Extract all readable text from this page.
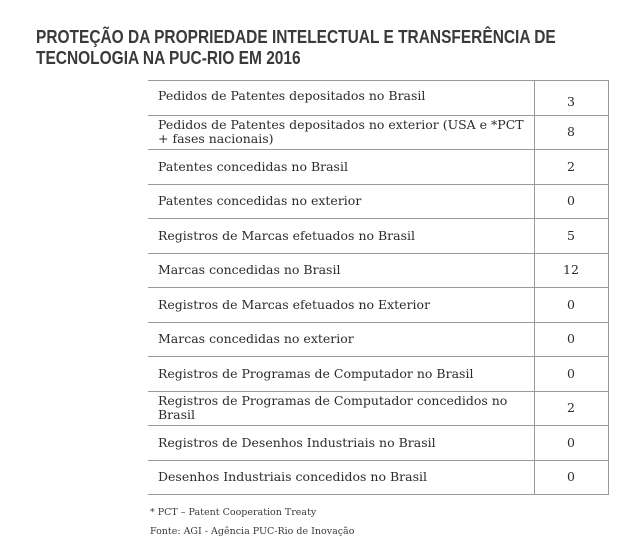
PROTEÇÃO DA PROPRIEDADE INTELECTUAL E TRANSFERÊNCIA DE
TECNOLOGIA NA PUC-RIO EM 2016
Pedidos de Patentes depositados no Brasil	3
Pedidos de Patentes depositados no exterior (USA e *PCT + fases nacionais)	8
Patentes concedidas no Brasil	2
Patentes concedidas no exterior	0
Registros de Marcas efetuados no Brasil	5
Marcas concedidas no Brasil	12
Registros de Marcas efetuados no Exterior	0
Marcas concedidas no exterior	0
Registros de Programas de Computador no Brasil	0
Registros de Programas de Computador concedidos no Brasil	2
Registros de Desenhos Industriais no Brasil	0
Desenhos Industriais concedidos no Brasil	0
* PCT – Patent Cooperation Treaty
Fonte: AGI - Agência PUC-Rio de Inovação
